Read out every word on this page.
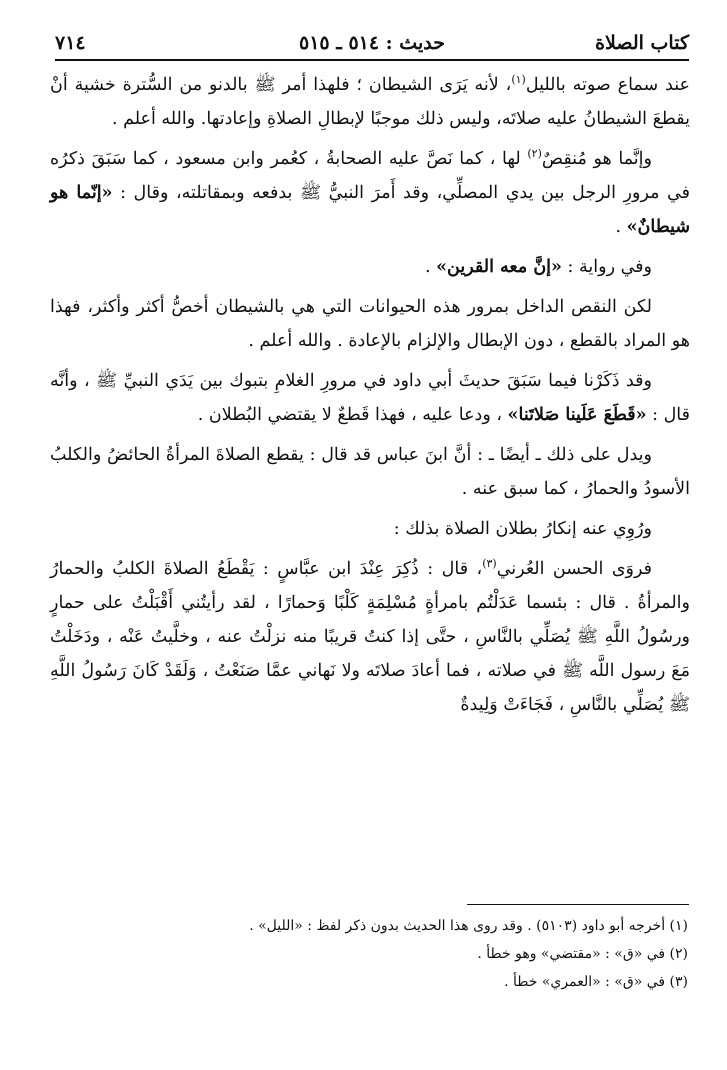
كتاب الصلاة
حديث : ٥١٤ ـ ٥١٥
٧١٤

عند سماع صوته بالليل$^{(١)}$، لأنه يَرَى الشيطان ؛ فلهذا أمر ﷺ بالدنو من السُّترة خشية أنْ يقطعَ الشيطانُ عليه صلاتَه، وليس ذلك موجبًا لإبطالِ الصلاةِ وإعادتها. والله أعلم .

وإنَّما هو مُنقِصٌ$^{(٢)}$ لها ، كما نَصَّ عليه الصحابةُ ، كعُمر وابن مسعود ، كما سَبَقَ ذكرُه في مرورِ الرجل بين يدي المصلِّي، وقد أَمرَ النبيُّ ﷺ بدفعه وبمقاتلته، وقال : «إنّما هو شيطانٌ» .

وفي رواية : «إنَّ معه القرين» .

لكن النقص الداخل بمرور هذه الحيوانات التي هي بالشيطان أخصُّ أكثر وأكثر، فهذا هو المراد بالقطع ، دون الإبطال والإلزام بالإعادة . والله أعلم .

وقد ذَكَرْنا فيما سَبَقَ حديثَ أبي داود في مرورِ الغلامِ بتبوك بين يَدَي النبيِّ ﷺ ، وأنَّه قال : «قَطَعَ عَلَينا صَلاتَنا» ، ودعا عليه ، فهذا قَطعٌ لا يقتضي البُطلان .

ويدل على ذلك ـ أيضًا ـ : أنَّ ابنَ عباس قد قال : يقطع الصلاةَ المرأةُ الحائضُ والكلبُ الأسودُ والحمارُ ، كما سبق عنه .

ورُوِي عنه إنكارُ بطلان الصلاة بذلك :

فروَى الحسن العُرني$^{(٣)}$، قال : ذُكِرَ عِنْدَ ابن عبَّاسٍ : يَقْطَعُ الصلاةَ الكلبُ والحمارُ والمرأةُ . قال : بئسما عَدَلْتُم بامرأةٍ مُسْلِمَةٍ كَلْبًا وَحمارًا ، لقد رأيتُني أَقْبَلْتُ على حمارٍ ورسُولُ اللَّهِ ﷺ يُصَلِّي بالنَّاسِ ، حتَّى إذا كنتُ قريبًا منه نزلْتُ عنه ، وخلَّيتُ عَنْه ، ودَخَلْتُ مَعَ رسول اللَّه ﷺ في صلاته ، فما أعادَ صلاتَه ولا نَهاني عمَّا صَنَعْتُ ، وَلَقَدْ كَانَ رَسُولُ اللَّهِ ﷺ يُصَلِّي بالنَّاسِ ، فَجَاءَتْ وَلِيدةٌ

(١) أخرجه أبو داود (٥١٠٣) . وقد روى هذا الحديث بدون ذكر لفظ : «الليل» .
(٢) في «ق» : «مقتضي» وهو خطأ .
(٣) في «ق» : «العمري» خطأ .
